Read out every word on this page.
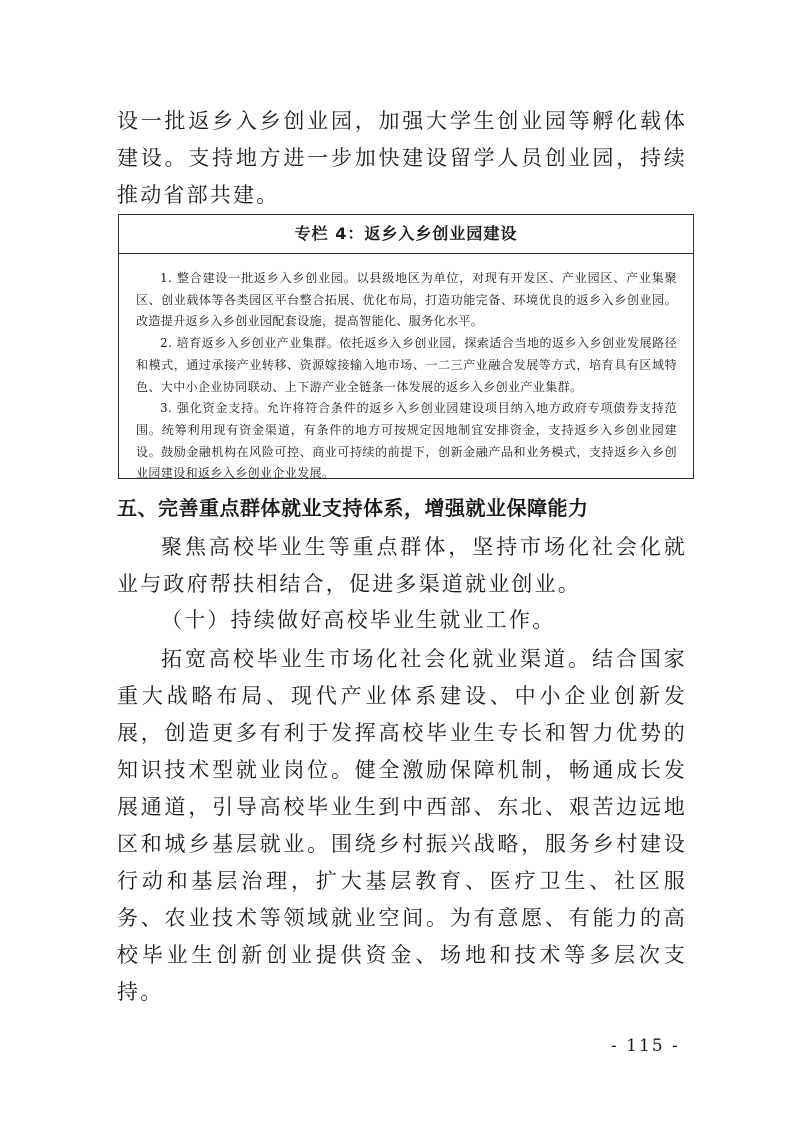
设一批返乡入乡创业园，加强大学生创业园等孵化载体建设。支持地方进一步加快建设留学人员创业园，持续推动省部共建。
专栏 4：返乡入乡创业园建设
1. 整合建设一批返乡入乡创业园。以县级地区为单位，对现有开发区、产业园区、产业集聚区、创业载体等各类园区平台整合拓展、优化布局，打造功能完备、环境优良的返乡入乡创业园。改造提升返乡入乡创业园配套设施，提高智能化、服务化水平。
2. 培育返乡入乡创业产业集群。依托返乡入乡创业园，探索适合当地的返乡入乡创业发展路径和模式，通过承接产业转移、资源嫁接输入地市场、一二三产业融合发展等方式，培育具有区域特色、大中小企业协同联动、上下游产业全链条一体发展的返乡入乡创业产业集群。
3. 强化资金支持。允许将符合条件的返乡入乡创业园建设项目纳入地方政府专项债券支持范围。统筹利用现有资金渠道，有条件的地方可按规定因地制宜安排资金，支持返乡入乡创业园建设。鼓励金融机构在风险可控、商业可持续的前提下，创新金融产品和业务模式，支持返乡入乡创业园建设和返乡入乡创业企业发展。
五、完善重点群体就业支持体系，增强就业保障能力
聚焦高校毕业生等重点群体，坚持市场化社会化就业与政府帮扶相结合，促进多渠道就业创业。
（十）持续做好高校毕业生就业工作。
拓宽高校毕业生市场化社会化就业渠道。结合国家重大战略布局、现代产业体系建设、中小企业创新发展，创造更多有利于发挥高校毕业生专长和智力优势的知识技术型就业岗位。健全激励保障机制，畅通成长发展通道，引导高校毕业生到中西部、东北、艰苦边远地区和城乡基层就业。围绕乡村振兴战略，服务乡村建设行动和基层治理，扩大基层教育、医疗卫生、社区服务、农业技术等领域就业空间。为有意愿、有能力的高校毕业生创新创业提供资金、场地和技术等多层次支持。
- 115 -
